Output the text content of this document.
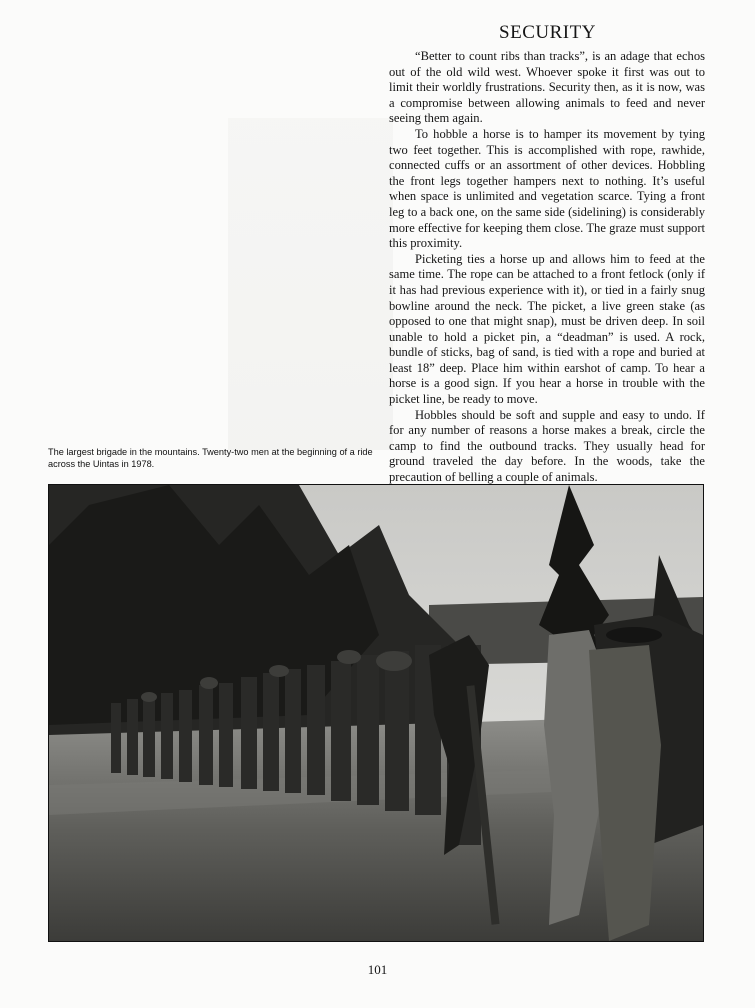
SECURITY

“Better to count ribs than tracks”, is an adage that echos out of the old wild west. Whoever spoke it first was out to limit their worldly frustrations. Security then, as it is now, was a compromise between allowing animals to feed and never seeing them again.

To hobble a horse is to hamper its movement by tying two feet together. This is accomplished with rope, rawhide, connected cuffs or an assortment of other devices. Hobbling the front legs together hampers next to nothing. It’s useful when space is unlimited and vegetation scarce. Tying a front leg to a back one, on the same side (sidelining) is considerably more effective for keeping them close. The graze must support this proximity.

Picketing ties a horse up and allows him to feed at the same time. The rope can be attached to a front fetlock (only if it has had previous experience with it), or tied in a fairly snug bowline around the neck. The picket, a live green stake (as opposed to one that might snap), must be driven deep. In soil unable to hold a picket pin, a “deadman” is used. A rock, bundle of sticks, bag of sand, is tied with a rope and buried at least 18” deep. Place him within earshot of camp. To hear a horse is a good sign. If you hear a horse in trouble with the picket line, be ready to move.

Hobbles should be soft and supple and easy to undo. If for any number of reasons a horse makes a break, circle the camp to find the outbound tracks. They usually head for ground traveled the day before. In the woods, take the precaution of belling a couple of animals.

The largest brigade in the mountains. Twenty-two men at the beginning of a ride across the Uintas in 1978.
101
